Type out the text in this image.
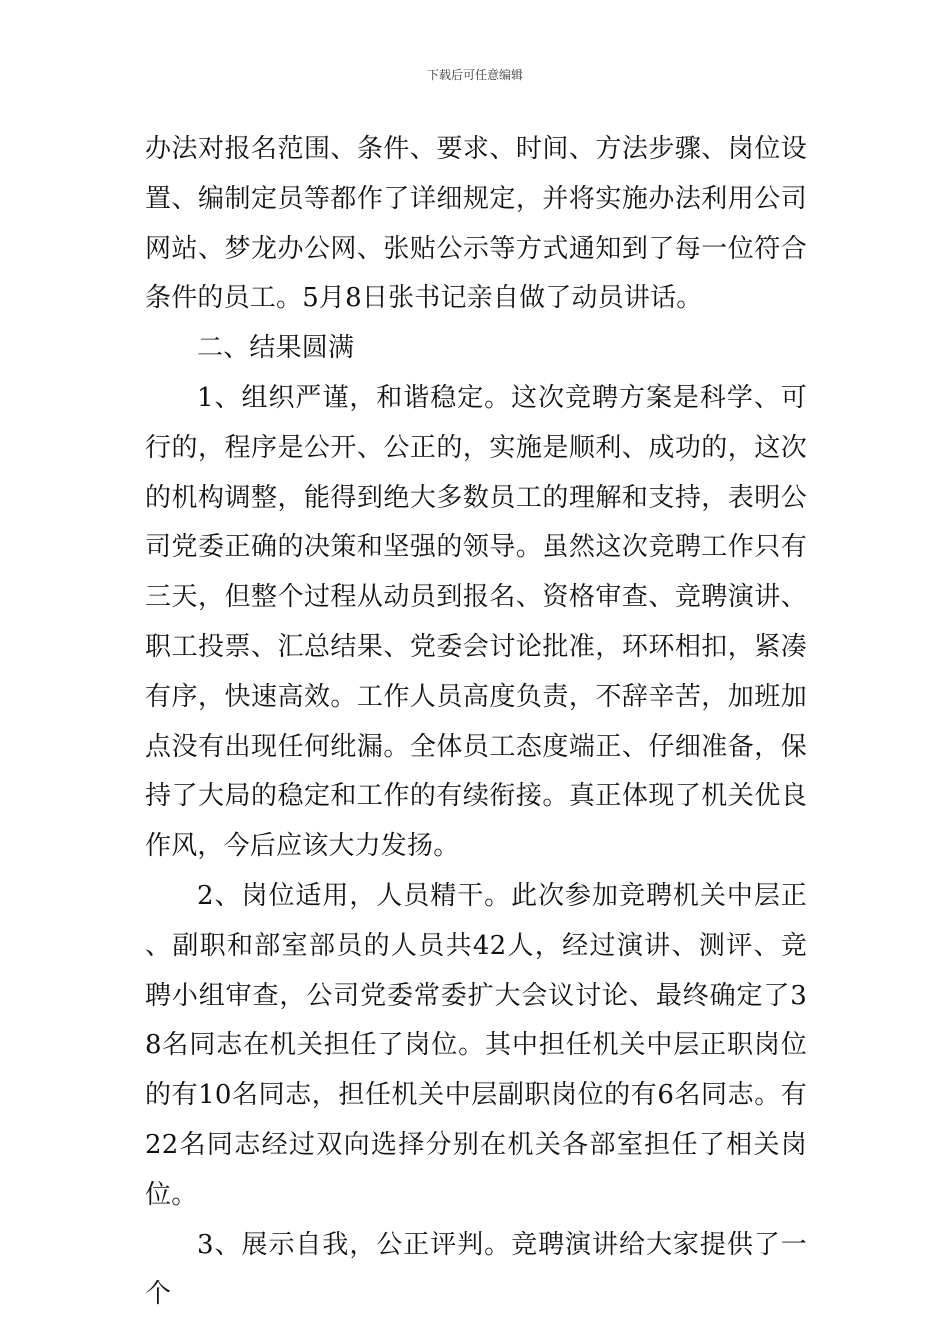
下载后可任意编辑

办法对报名范围、条件、要求、时间、方法步骤、岗位设置、编制定员等都作了详细规定，并将实施办法利用公司网站、梦龙办公网、张贴公示等方式通知到了每一位符合条件的员工。5月8日张书记亲自做了动员讲话。

二、结果圆满

1、组织严谨，和谐稳定。这次竞聘方案是科学、可行的，程序是公开、公正的，实施是顺利、成功的，这次的机构调整，能得到绝大多数员工的理解和支持，表明公司党委正确的决策和坚强的领导。虽然这次竞聘工作只有三天，但整个过程从动员到报名、资格审查、竞聘演讲、职工投票、汇总结果、党委会讨论批准，环环相扣，紧凑有序，快速高效。工作人员高度负责，不辞辛苦，加班加点没有出现任何纰漏。全体员工态度端正、仔细准备，保持了大局的稳定和工作的有续衔接。真正体现了机关优良作风，今后应该大力发扬。

2、岗位适用，人员精干。此次参加竞聘机关中层正、副职和部室部员的人员共42人，经过演讲、测评、竞聘小组审查，公司党委常委扩大会议讨论、最终确定了38名同志在机关担任了岗位。其中担任机关中层正职岗位的有10名同志，担任机关中层副职岗位的有6名同志。有22名同志经过双向选择分别在机关各部室担任了相关岗位。

3、展示自我，公正评判。竞聘演讲给大家提供了一个
